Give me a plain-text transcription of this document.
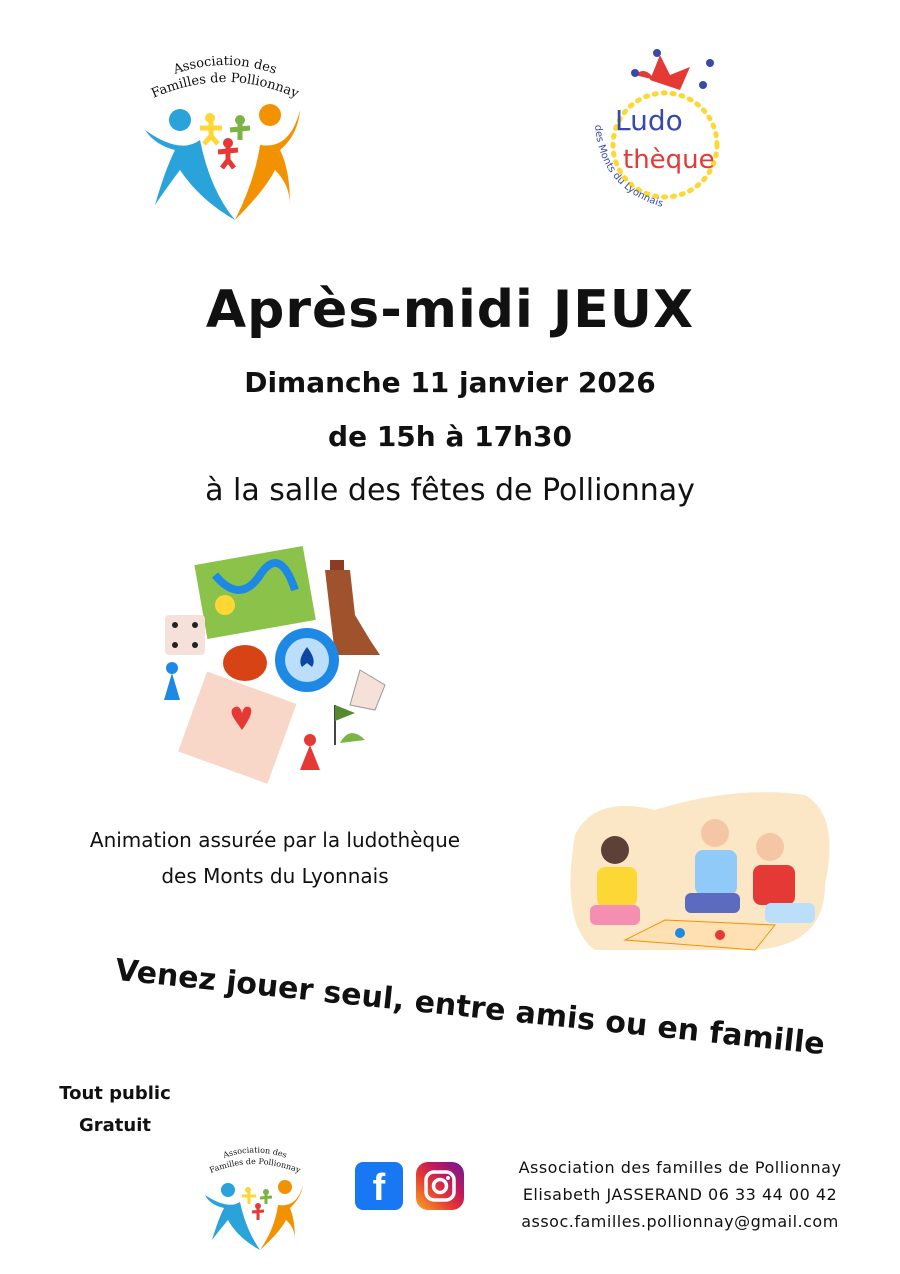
Association des
Familles de Pollionnay
Ludo
thèque
des Monts du Lyonnais
Après-midi JEUX
Dimanche 11 janvier 2026
de 15h à 17h30
à la salle des fêtes de Pollionnay
Animation assurée par la ludothèque
des Monts du Lyonnais
Venez jouer seul, entre amis ou en famille
Tout public
Gratuit
Association des
Familles de Pollionnay	f	Association des familles de Pollionnay
Elisabeth JASSERAND 06 33 44 00 42
assoc.familles.pollionnay@gmail.com
